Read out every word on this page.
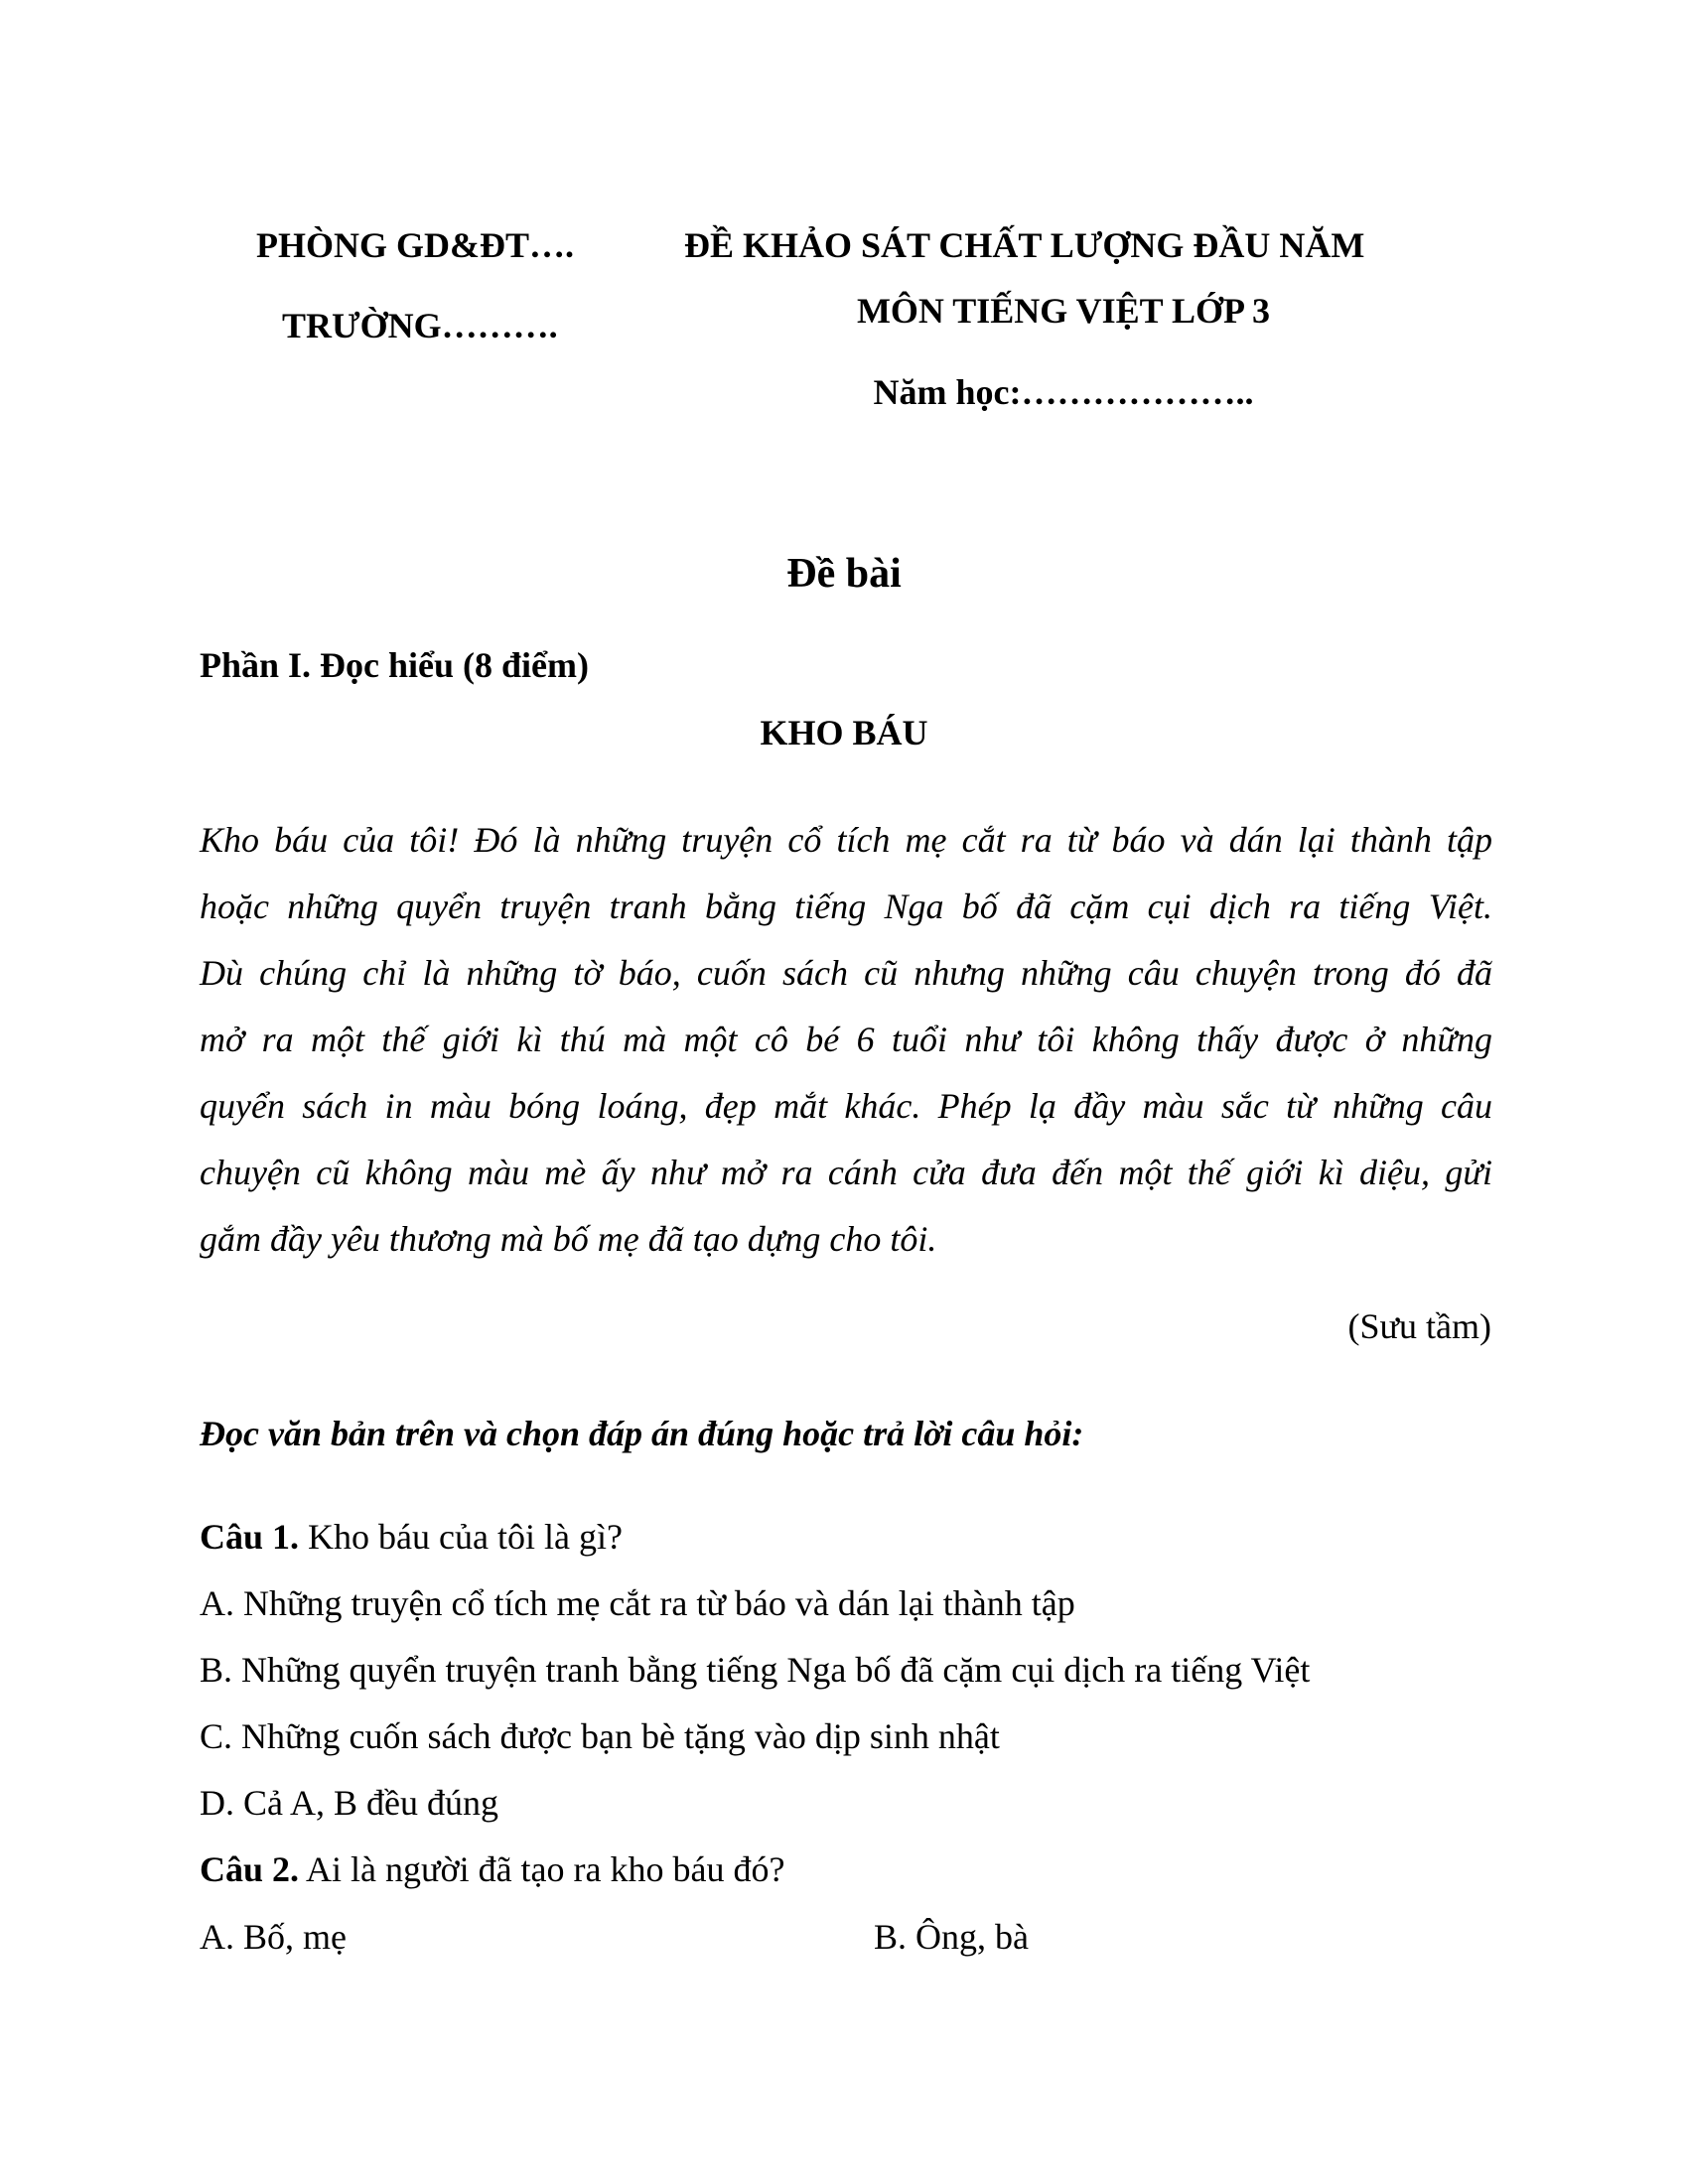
PHÒNG GD&ĐT….
TRƯỜNG……….
ĐỀ KHẢO SÁT CHẤT LƯỢNG ĐẦU NĂM
MÔN TIẾNG VIỆT LỚP 3
Năm học:………………..
Đề bài
Phần I. Đọc hiểu (8 điểm)
KHO BÁU
Kho báu của tôi! Đó là những truyện cổ tích mẹ cắt ra từ báo và dán lại thành tập
hoặc những quyển truyện tranh bằng tiếng Nga bố đã cặm cụi dịch ra tiếng Việt.
Dù chúng chỉ là những tờ báo, cuốn sách cũ nhưng những câu chuyện trong đó đã
mở ra một thế giới kì thú mà một cô bé 6 tuổi như tôi không thấy được ở những
quyển sách in màu bóng loáng, đẹp mắt khác. Phép lạ đầy màu sắc từ những câu
chuyện cũ không màu mè ấy như mở ra cánh cửa đưa đến một thế giới kì diệu, gửi
gắm đầy yêu thương mà bố mẹ đã tạo dựng cho tôi.
(Sưu tầm)
Đọc văn bản trên và chọn đáp án đúng hoặc trả lời câu hỏi:
Câu 1. Kho báu của tôi là gì?
A. Những truyện cổ tích mẹ cắt ra từ báo và dán lại thành tập
B. Những quyển truyện tranh bằng tiếng Nga bố đã cặm cụi dịch ra tiếng Việt
C. Những cuốn sách được bạn bè tặng vào dịp sinh nhật
D. Cả A, B đều đúng
Câu 2. Ai là người đã tạo ra kho báu đó?
A. Bố, mẹ	B. Ông, bà
